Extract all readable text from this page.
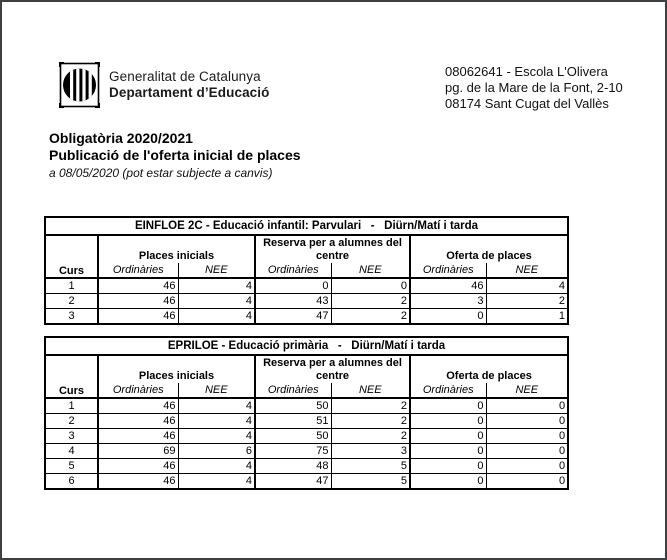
Generalitat de Catalunya
Departament d’Educació
08062641 - Escola L'Olivera
pg. de la Mare de la Font, 2-10
08174 Sant Cugat del Vallès
Obligatòria 2020/2021
Publicació de l'oferta inicial de places
a 08/05/2020 (pot estar subjecte a canvis)
EINFLOE 2C - Educació infantil: Parvulari   -   Diürn/Matí i tarda						
Curs	Places inicials		Reserva per a alumnes del centre		Oferta de places	
	Ordinàries	NEE	Ordinàries	NEE	Ordinàries	NEE
1	46	4	0	0	46	4
2	46	4	43	2	3	2
3	46	4	47	2	0	1
EPRILOE - Educació primària   -   Diürn/Matí i tarda						
Curs	Places inicials		Reserva per a alumnes del centre		Oferta de places	
	Ordinàries	NEE	Ordinàries	NEE	Ordinàries	NEE
1	46	4	50	2	0	0
2	46	4	51	2	0	0
3	46	4	50	2	0	0
4	69	6	75	3	0	0
5	46	4	48	5	0	0
6	46	4	47	5	0	0
